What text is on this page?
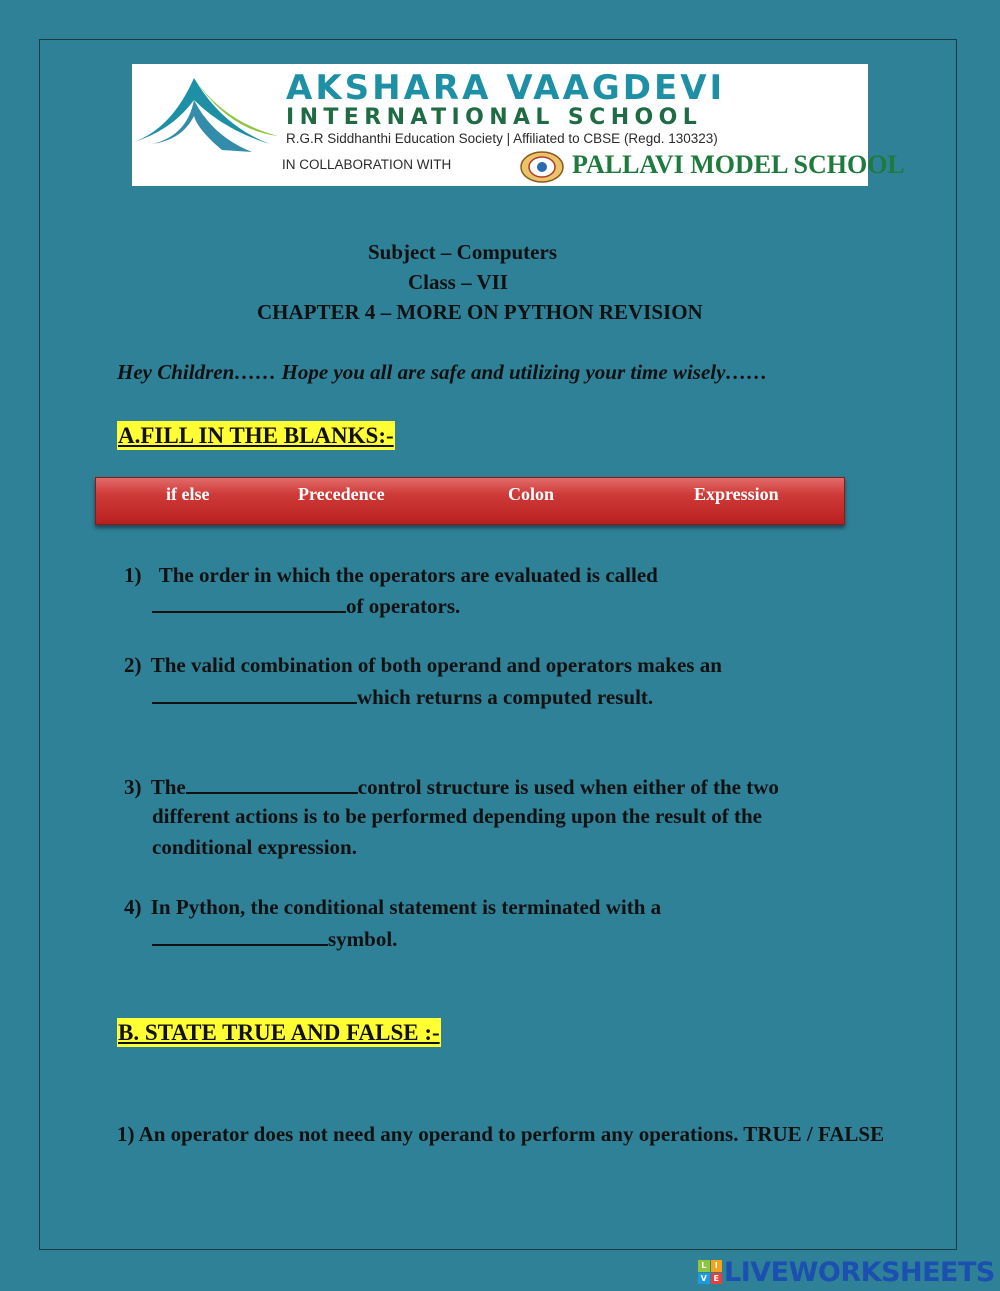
AKSHARA VAAGDEVI
INTERNATIONAL SCHOOL
R.G.R Siddhanthi Education Society | Affiliated to CBSE (Regd. 130323)
IN COLLABORATION WITH	PALLAVI MODEL SCHOOL
Subject – Computers
Class – VII
CHAPTER 4 – MORE ON PYTHON REVISION
Hey Children…… Hope you all are safe and utilizing your time wisely……
A.FILL IN THE BLANKS:-
if else	Precedence	Colon	Expression
1) The order in which the operators are evaluated is called
of operators.
2) The valid combination of both operand and operators makes an
which returns a computed result.
3) The	control structure is used when either of the two
different actions is to be performed depending upon the result of the
conditional expression.
4) In Python, the conditional statement is terminated with a
symbol.
B. STATE TRUE AND FALSE :-
1) An operator does not need any operand to perform any operations. TRUE / FALSE
L	I
V E LIVEWORKSHEETS
